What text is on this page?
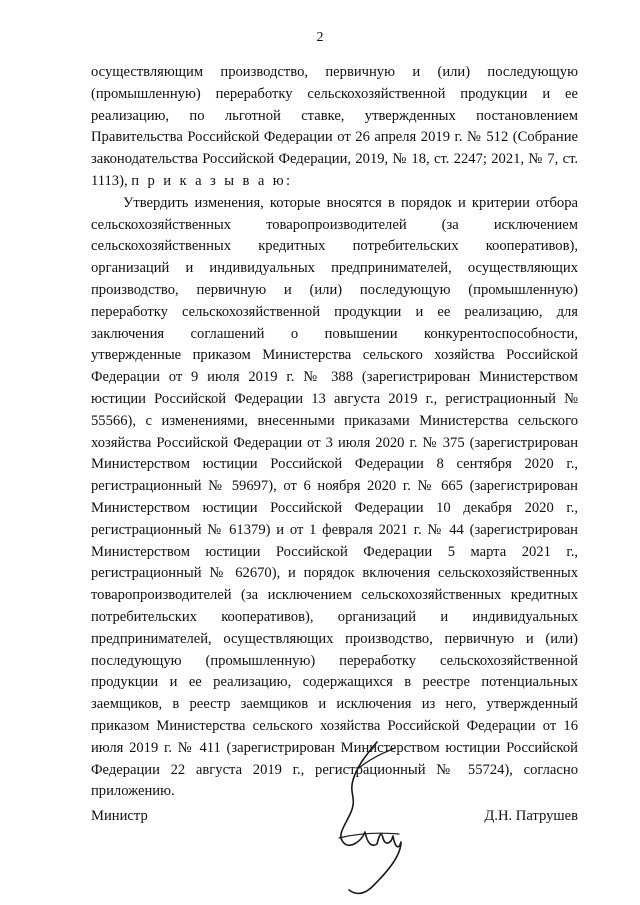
2

осуществляющим производство, первичную и (или) последующую (промышленную) переработку сельскохозяйственной продукции и ее реализацию, по льготной ставке, утвержденных постановлением Правительства Российской Федерации от 26 апреля 2019 г. № 512 (Собрание законодательства Российской Федерации, 2019, № 18, ст. 2247; 2021, № 7, ст. 1113), п р и к а з ы в а ю:

Утвердить изменения, которые вносятся в порядок и критерии отбора сельскохозяйственных товаропроизводителей (за исключением сельскохозяйственных кредитных потребительских кооперативов), организаций и индивидуальных предпринимателей, осуществляющих производство, первичную и (или) последующую (промышленную) переработку сельскохозяйственной продукции и ее реализацию, для заключения соглашений о повышении конкурентоспособности, утвержденные приказом Министерства сельского хозяйства Российской Федерации от 9 июля 2019 г. № 388 (зарегистрирован Министерством юстиции Российской Федерации 13 августа 2019 г., регистрационный № 55566), с изменениями, внесенными приказами Министерства сельского хозяйства Российской Федерации от 3 июля 2020 г. № 375 (зарегистрирован Министерством юстиции Российской Федерации 8 сентября 2020 г., регистрационный № 59697), от 6 ноября 2020 г. № 665 (зарегистрирован Министерством юстиции Российской Федерации 10 декабря 2020 г., регистрационный № 61379) и от 1 февраля 2021 г. № 44 (зарегистрирован Министерством юстиции Российской Федерации 5 марта 2021 г., регистрационный № 62670), и порядок включения сельскохозяйственных товаропроизводителей (за исключением сельскохозяйственных кредитных потребительских кооперативов), организаций и индивидуальных предпринимателей, осуществляющих производство, первичную и (или) последующую (промышленную) переработку сельскохозяйственной продукции и ее реализацию, содержащихся в реестре потенциальных заемщиков, в реестр заемщиков и исключения из него, утвержденный приказом Министерства сельского хозяйства Российской Федерации от 16 июля 2019 г. № 411 (зарегистрирован Министерством юстиции Российской Федерации 22 августа 2019 г., регистрационный № 55724), согласно приложению.

Министр	Д.Н. Патрушев
